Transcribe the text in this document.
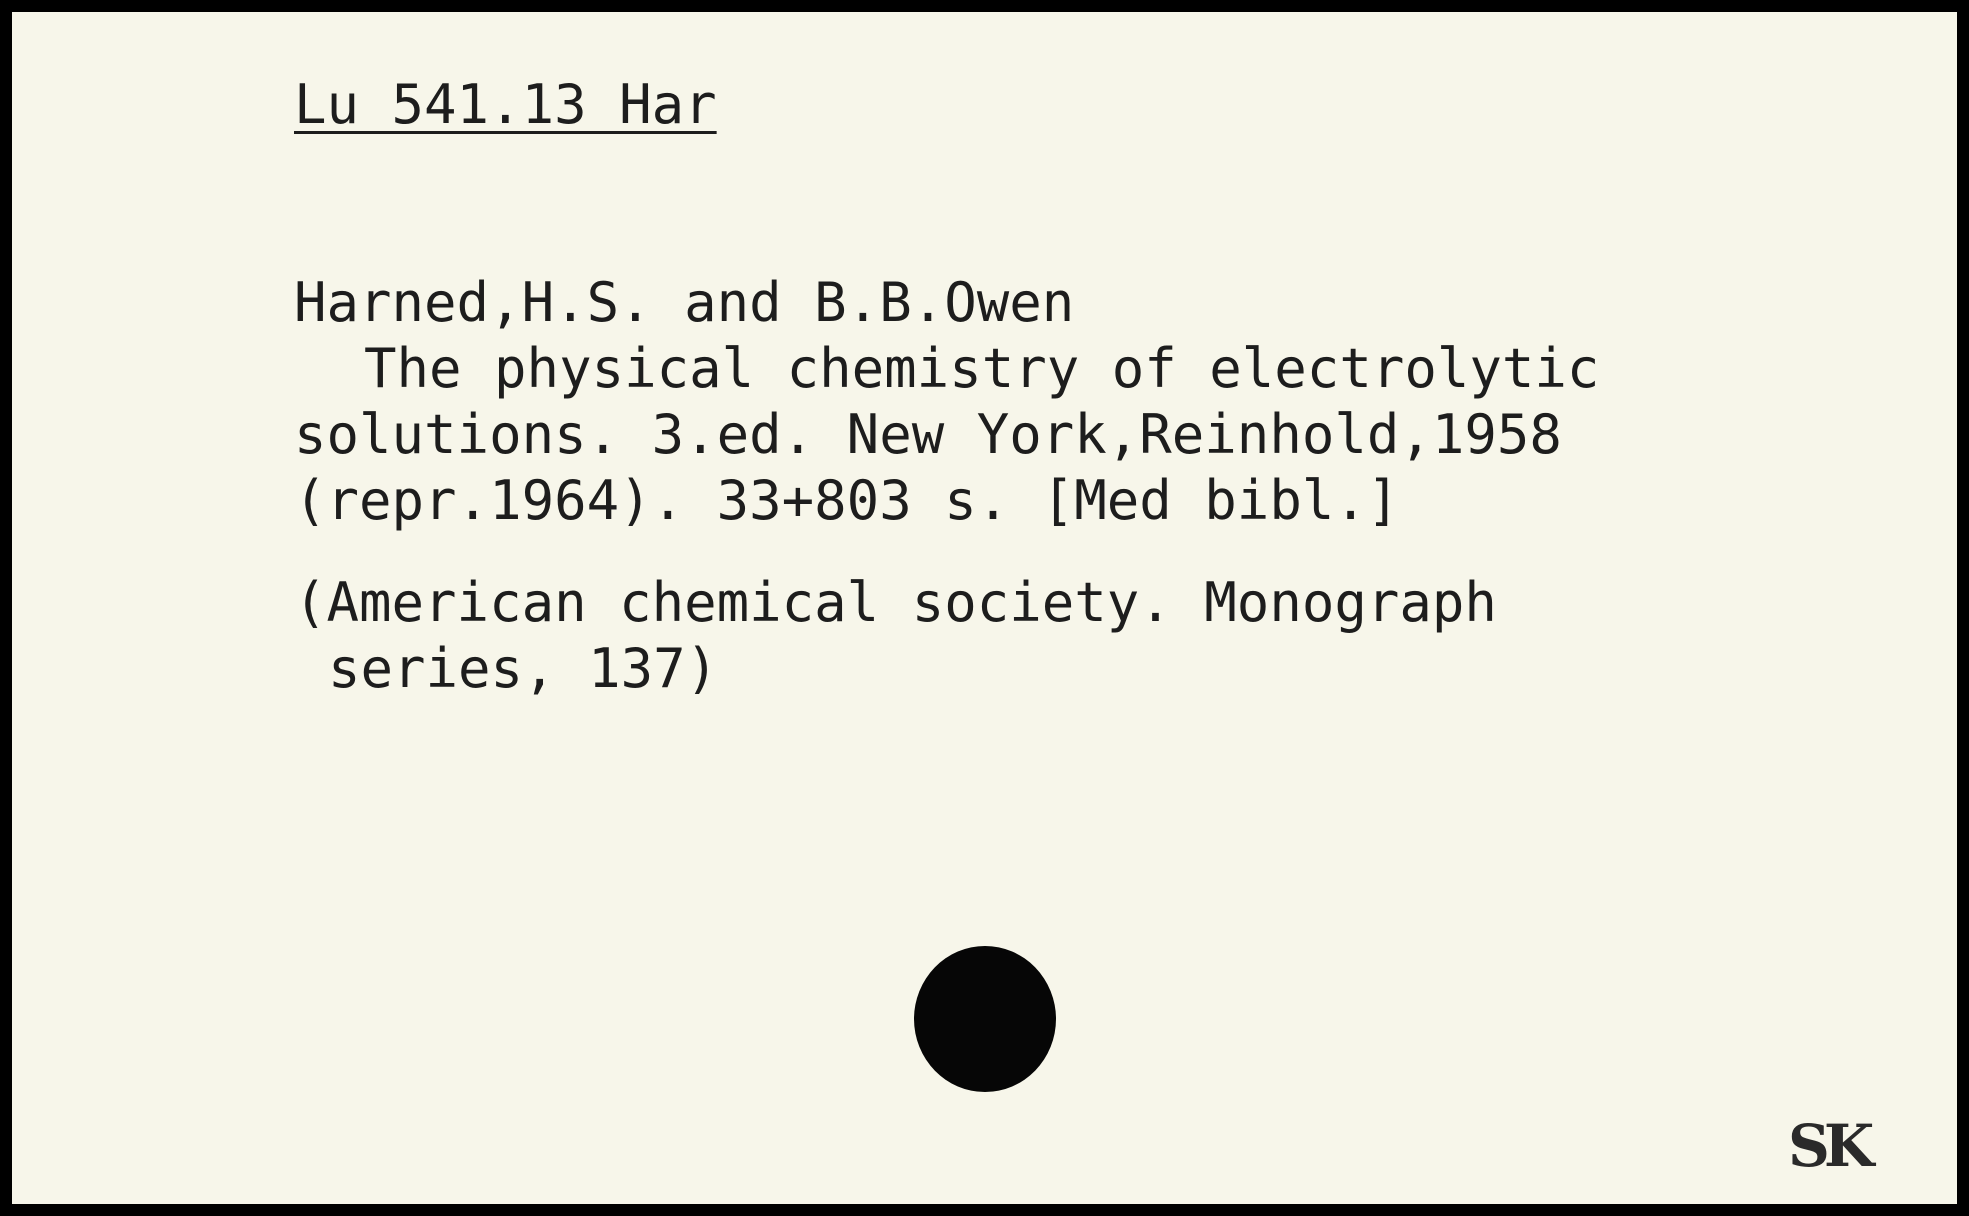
Lu 541.13 Har

Harned,H.S. and B.B.Owen

The physical chemistry of electrolytic

solutions. 3.ed. New York,Reinhold,1958

(repr.1964). 33+803 s. [Med bibl.]

(American chemical society. Monograph

series, 137)

SK
